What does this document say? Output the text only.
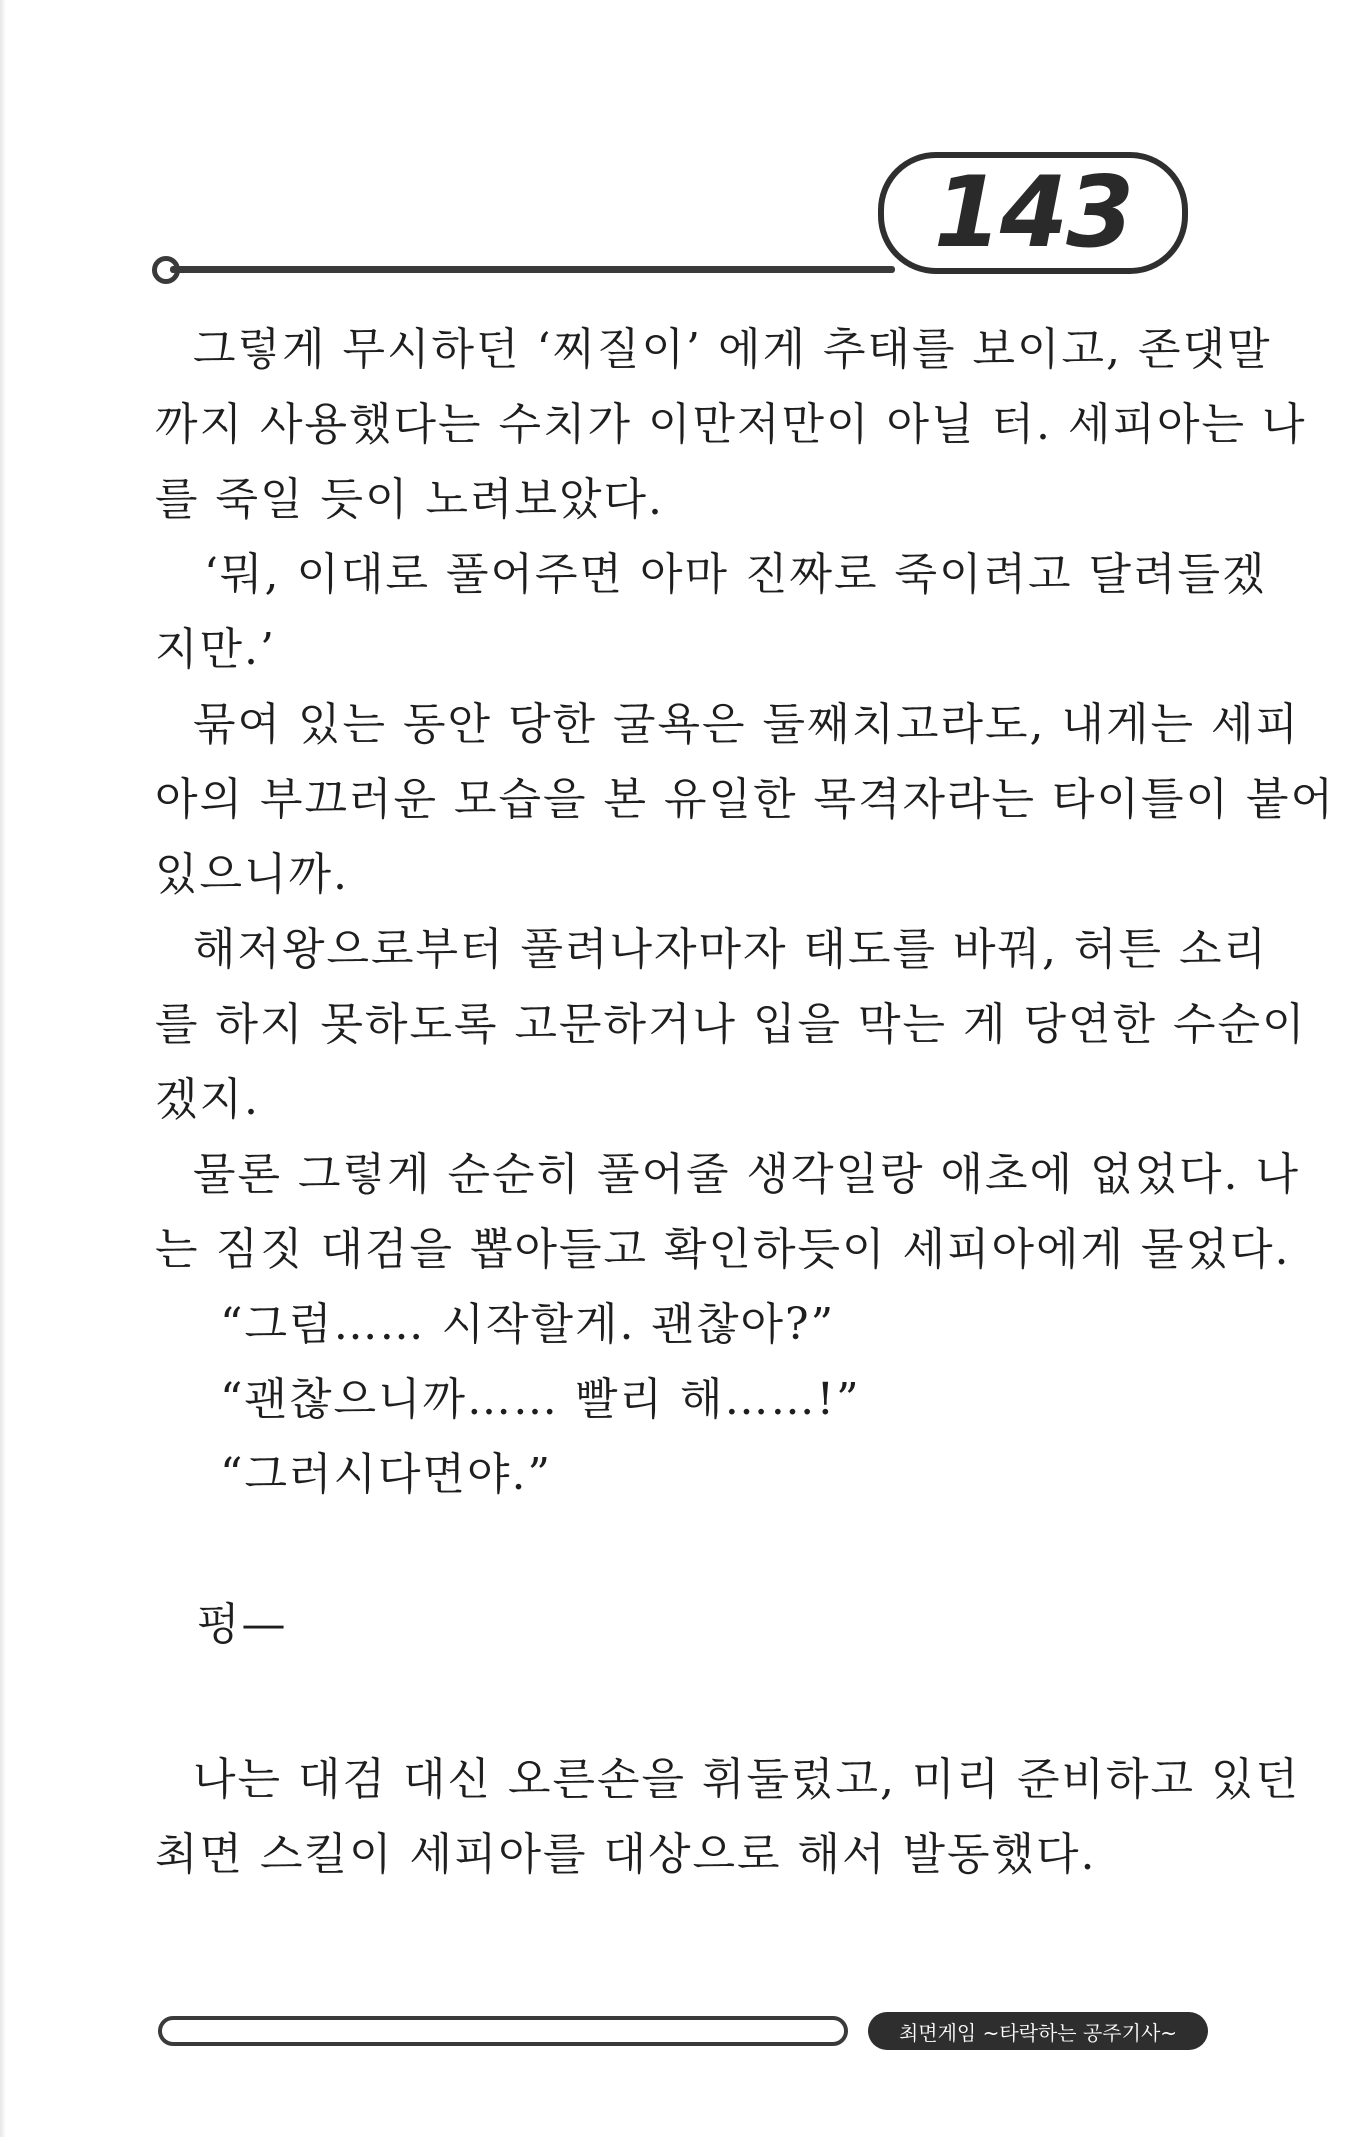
143
그렇게 무시하던 ‘찌질이’ 에게 추태를 보이고, 존댓말
까지 사용했다는 수치가 이만저만이 아닐 터. 세피아는 나
를 죽일 듯이 노려보았다.
‘뭐, 이대로 풀어주면 아마 진짜로 죽이려고 달려들겠
지만.’
묶여 있는 동안 당한 굴욕은 둘째치고라도, 내게는 세피
아의 부끄러운 모습을 본 유일한 목격자라는 타이틀이 붙어
있으니까.
해저왕으로부터 풀려나자마자 태도를 바꿔, 허튼 소리
를 하지 못하도록 고문하거나 입을 막는 게 당연한 수순이
겠지.
물론 그렇게 순순히 풀어줄 생각일랑 애초에 없었다. 나
는 짐짓 대검을 뽑아들고 확인하듯이 세피아에게 물었다.
“그럼…… 시작할게. 괜찮아?”
“괜찮으니까…… 빨리 해……!”
“그러시다면야.”
펑—
나는 대검 대신 오른손을 휘둘렀고, 미리 준비하고 있던
최면 스킬이 세피아를 대상으로 해서 발동했다.
최면게임 ~타락하는 공주기사~
